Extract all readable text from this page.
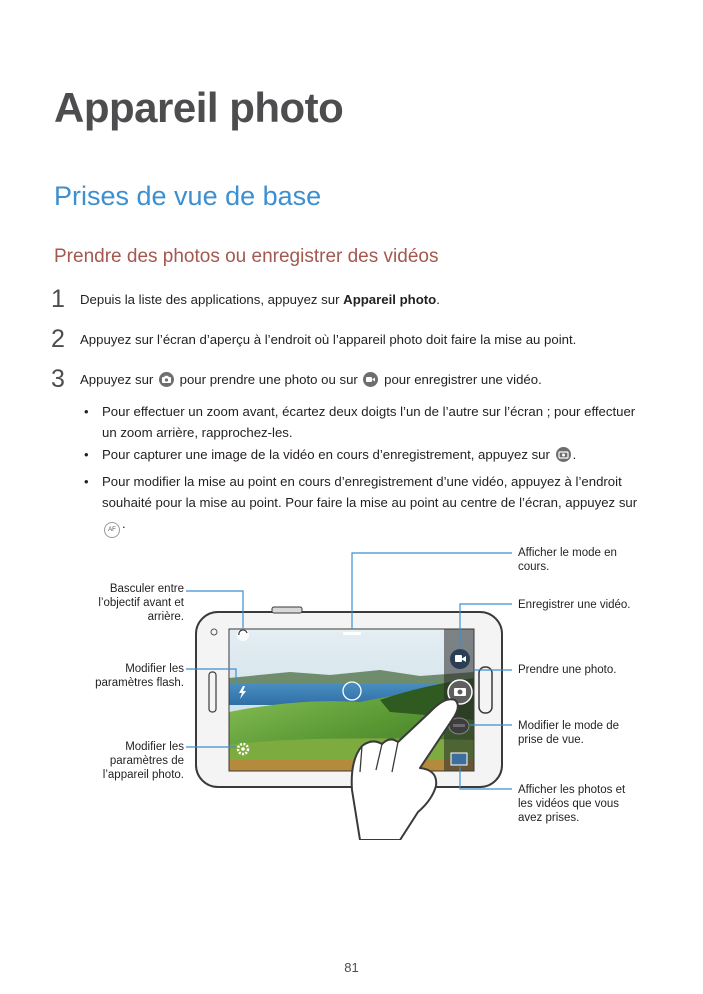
Appareil photo
Prises de vue de base
Prendre des photos ou enregistrer des vidéos
1 Depuis la liste des applications, appuyez sur Appareil photo.
2 Appuyez sur l’écran d’aperçu à l’endroit où l’appareil photo doit faire la mise au point.
3 Appuyez sur
pour prendre une photo ou sur
pour enregistrer une vidéo.
• Pour effectuer un zoom avant, écartez deux doigts l’un de l’autre sur l’écran ; pour effectuer
un zoom arrière, rapprochez-les.
• Pour capturer une image de la vidéo en cours d’enregistrement, appuyez sur
.
• Pour modifier la mise au point en cours d’enregistrement d’une vidéo, appuyez à l’endroit
souhaité pour la mise au point. Pour faire la mise au point au centre de l’écran, appuyez sur
AF .
Afficher le mode en
cours.
Basculer entre
l’objectif avant et
arrière.
Enregistrer une vidéo.
Modifier les
paramètres flash.
Prendre une photo.
Modifier le mode de
prise de vue.
Modifier les
paramètres de
l’appareil photo.
Afficher les photos et
les vidéos que vous
avez prises.
81
